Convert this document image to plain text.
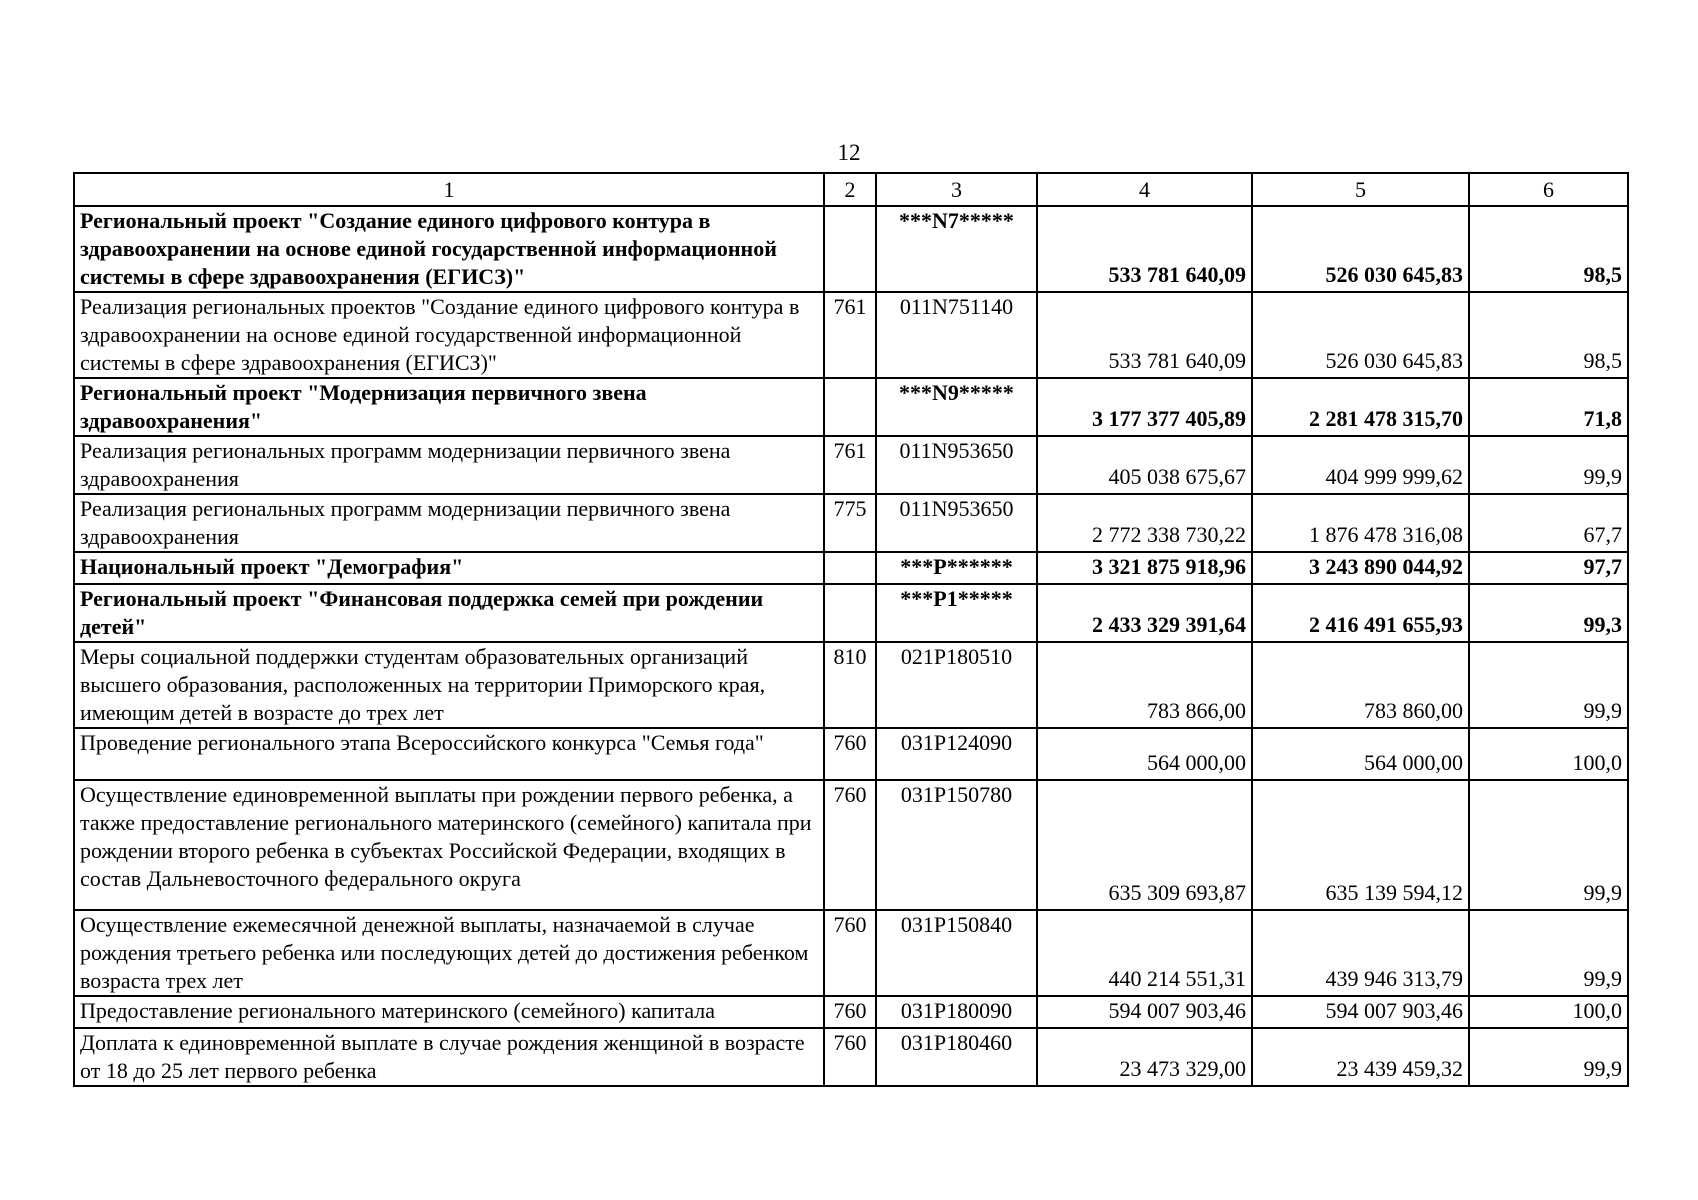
12
1	2	3	4	5	6
Региональный проект "Создание единого цифрового контура в здравоохранении на основе единой государственной информационной системы в сфере здравоохранения (ЕГИСЗ)"		***N7*****	533 781 640,09	526 030 645,83	98,5
Реализация региональных проектов "Создание единого цифрового контура в здравоохранении на основе единой государственной информационной системы в сфере здравоохранения (ЕГИСЗ)"	761	011N751140	533 781 640,09	526 030 645,83	98,5
Региональный проект "Модернизация первичного звена здравоохранения"		***N9*****	3 177 377 405,89	2 281 478 315,70	71,8
Реализация региональных программ модернизации первичного звена здравоохранения	761	011N953650	405 038 675,67	404 999 999,62	99,9
Реализация региональных программ модернизации первичного звена здравоохранения	775	011N953650	2 772 338 730,22	1 876 478 316,08	67,7
Национальный проект "Демография"		***P******	3 321 875 918,96	3 243 890 044,92	97,7
Региональный проект "Финансовая поддержка семей при рождении детей"		***P1*****	2 433 329 391,64	2 416 491 655,93	99,3
Меры социальной поддержки студентам образовательных организаций высшего образования, расположенных на территории Приморского края, имеющим детей в возрасте до трех лет	810	021P180510	783 866,00	783 860,00	99,9
Проведение регионального этапа Всероссийского конкурса "Семья года"	760	031P124090	564 000,00	564 000,00	100,0
Осуществление единовременной выплаты при рождении первого ребенка, а также предоставление регионального материнского (семейного) капитала при рождении второго ребенка в субъектах Российской Федерации, входящих в состав Дальневосточного федерального округа	760	031P150780	635 309 693,87	635 139 594,12	99,9
Осуществление ежемесячной денежной выплаты, назначаемой в случае рождения третьего ребенка или последующих детей до достижения ребенком возраста трех лет	760	031P150840	440 214 551,31	439 946 313,79	99,9
Предоставление регионального материнского (семейного) капитала	760	031P180090	594 007 903,46	594 007 903,46	100,0
Доплата к единовременной выплате в случае рождения женщиной в возрасте от 18 до 25 лет первого ребенка	760	031P180460	23 473 329,00	23 439 459,32	99,9
